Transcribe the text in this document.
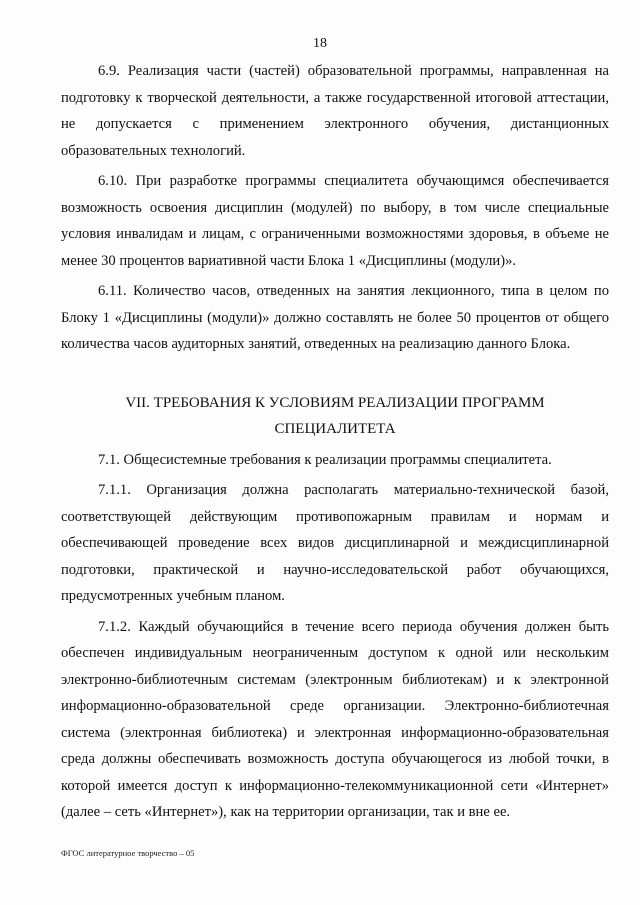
18

6.9. Реализация части (частей) образовательной программы, направленная на подготовку к творческой деятельности, а также государственной итоговой аттестации, не допускается с применением электронного обучения, дистанционных образовательных технологий.

6.10. При разработке программы специалитета обучающимся обеспечивается возможность освоения дисциплин (модулей) по выбору, в том числе специальные условия инвалидам и лицам, с ограниченными возможностями здоровья, в объеме не менее 30 процентов вариативной части Блока 1 «Дисциплины (модули)».

6.11. Количество часов, отведенных на занятия лекционного, типа в целом по Блоку 1 «Дисциплины (модули)» должно составлять не более 50 процентов от общего количества часов аудиторных занятий, отведенных на реализацию данного Блока.

VII. ТРЕБОВАНИЯ К УСЛОВИЯМ РЕАЛИЗАЦИИ ПРОГРАММ
СПЕЦИАЛИТЕТА

7.1. Общесистемные требования к реализации программы специалитета.

7.1.1. Организация должна располагать материально-технической базой, соответствующей действующим противопожарным правилам и нормам и обеспечивающей проведение всех видов дисциплинарной и междисциплинарной подготовки, практической и научно-исследовательской работ обучающихся, предусмотренных учебным планом.

7.1.2. Каждый обучающийся в течение всего периода обучения должен быть обеспечен индивидуальным неограниченным доступом к одной или нескольким электронно-библиотечным системам (электронным библиотекам) и к электронной информационно-образовательной среде организации. Электронно-библиотечная система (электронная библиотека) и электронная информационно-образовательная среда должны обеспечивать возможность доступа обучающегося из любой точки, в которой имеется доступ к информационно-телекоммуникационной сети «Интернет» (далее – сеть «Интернет»), как на территории организации, так и вне ее.

ФГОС литературное творчество – 05
